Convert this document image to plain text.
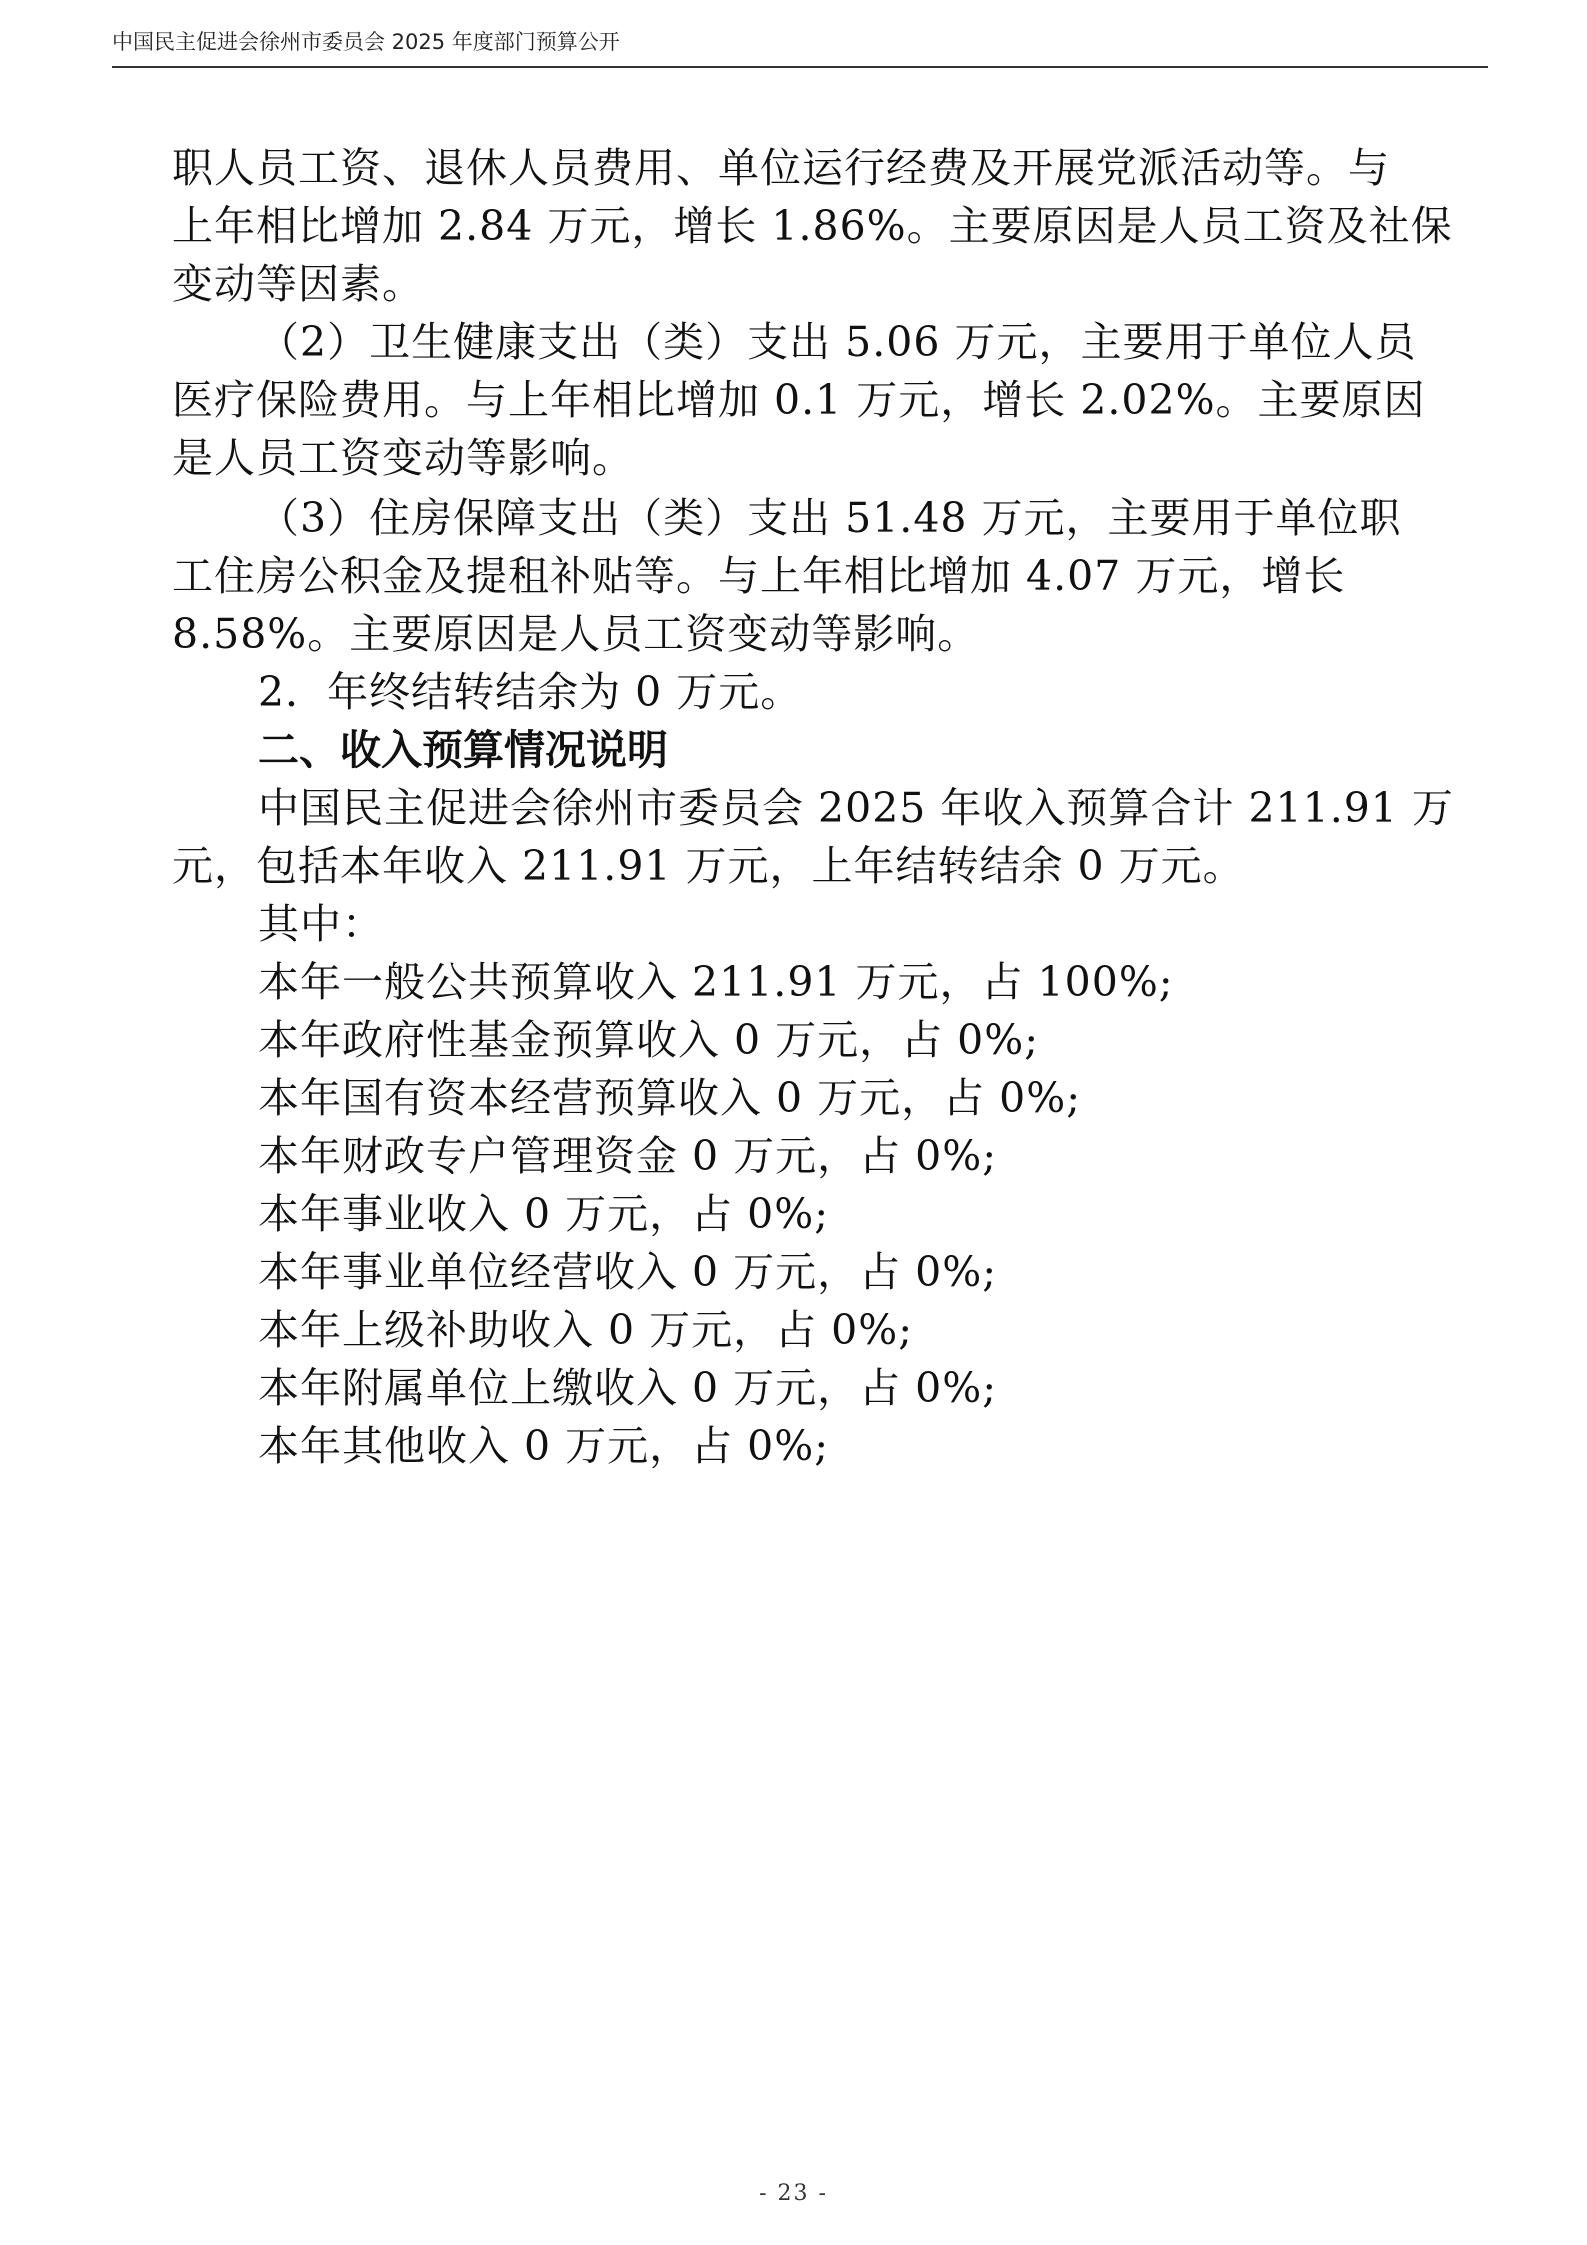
中国民主促进会徐州市委员会 2025 年度部门预算公开
职人员工资、退休人员费用、单位运行经费及开展党派活动等。与
上年相比增加 2.84 万元，增长 1.86%。主要原因是人员工资及社保
变动等因素。
（2）卫生健康支出（类）支出 5.06 万元，主要用于单位人员
医疗保险费用。与上年相比增加 0.1 万元，增长 2.02%。主要原因
是人员工资变动等影响。
（3）住房保障支出（类）支出 51.48 万元，主要用于单位职
工住房公积金及提租补贴等。与上年相比增加 4.07 万元，增长
8.58%。主要原因是人员工资变动等影响。
2．年终结转结余为 0 万元。
二、收入预算情况说明
中国民主促进会徐州市委员会 2025 年收入预算合计 211.91 万
元，包括本年收入 211.91 万元，上年结转结余 0 万元。
其中：
本年一般公共预算收入 211.91 万元，占 100%;
本年政府性基金预算收入 0 万元，占 0%;
本年国有资本经营预算收入 0 万元，占 0%;
本年财政专户管理资金 0 万元，占 0%;
本年事业收入 0 万元，占 0%;
本年事业单位经营收入 0 万元，占 0%;
本年上级补助收入 0 万元，占 0%;
本年附属单位上缴收入 0 万元，占 0%;
本年其他收入 0 万元，占 0%;
- 23 -
